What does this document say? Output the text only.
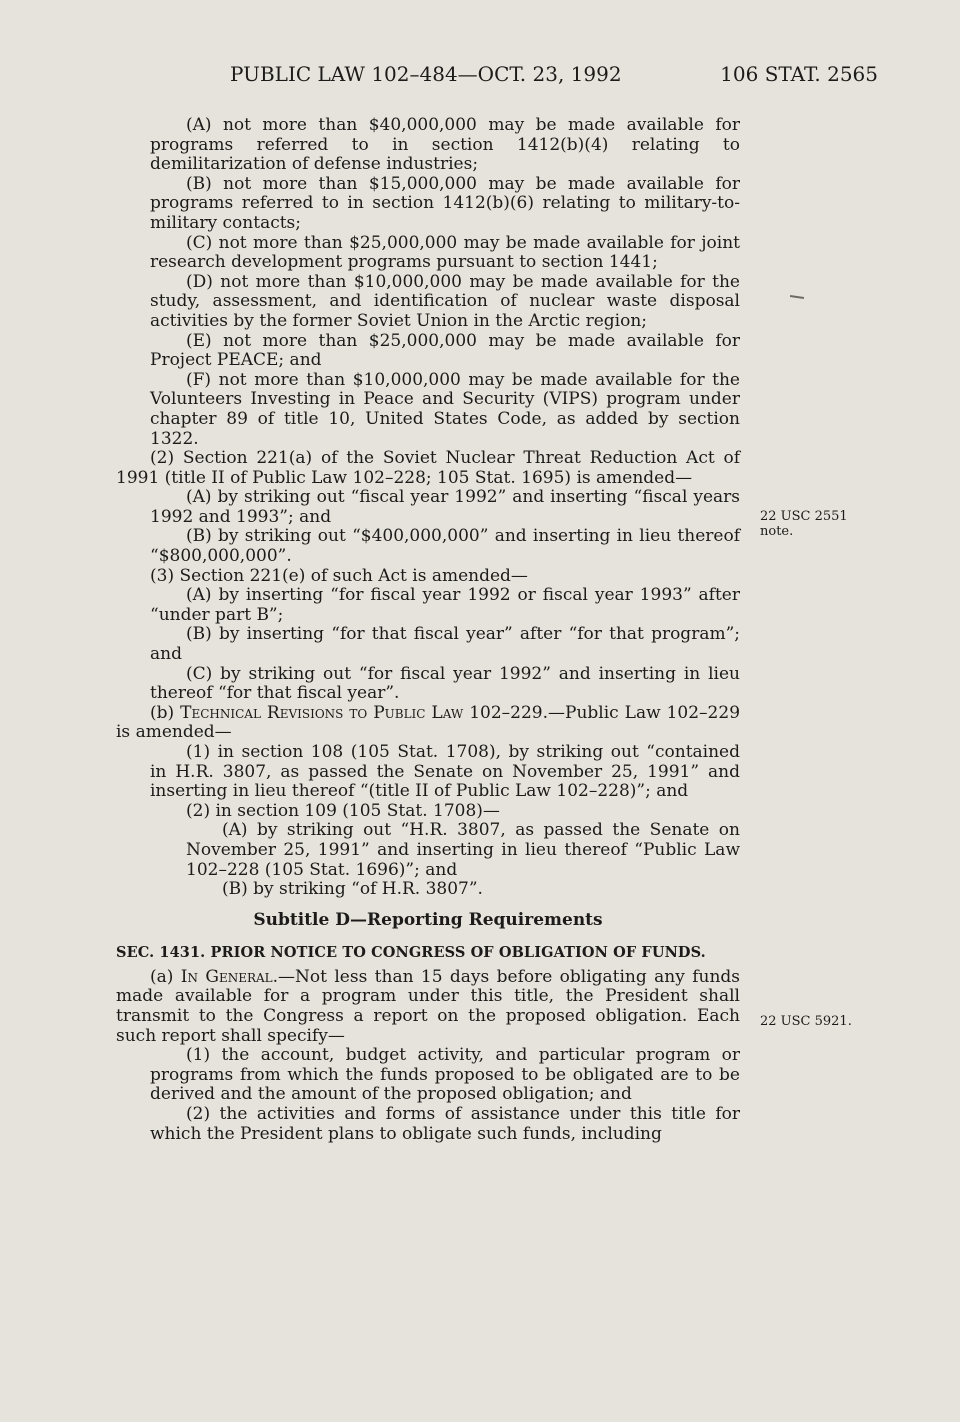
PUBLIC LAW 102–484—OCT. 23, 1992	106 STAT. 2565

(A) not more than $40,000,000 may be made available for programs referred to in section 1412(b)(4) relating to demilitarization of defense industries;

(B) not more than $15,000,000 may be made available for programs referred to in section 1412(b)(6) relating to military-to-military contacts;

(C) not more than $25,000,000 may be made available for joint research development programs pursuant to section 1441;

(D) not more than $10,000,000 may be made available for the study, assessment, and identification of nuclear waste disposal activities by the former Soviet Union in the Arctic region;

(E) not more than $25,000,000 may be made available for Project PEACE; and

(F) not more than $10,000,000 may be made available for the Volunteers Investing in Peace and Security (VIPS) program under chapter 89 of title 10, United States Code, as added by section 1322.

(2) Section 221(a) of the Soviet Nuclear Threat Reduction Act of 1991 (title II of Public Law 102–228; 105 Stat. 1695) is amended—

(A) by striking out “fiscal year 1992” and inserting “fiscal years 1992 and 1993”; and

(B) by striking out “$400,000,000” and inserting in lieu thereof “$800,000,000”.

(3) Section 221(e) of such Act is amended—

(A) by inserting “for fiscal year 1992 or fiscal year 1993” after “under part B”;

(B) by inserting “for that fiscal year” after “for that program”; and

(C) by striking out “for fiscal year 1992” and inserting in lieu thereof “for that fiscal year”.

(b) Technical Revisions to Public Law 102–229.—Public Law 102–229 is amended—

(1) in section 108 (105 Stat. 1708), by striking out “contained in H.R. 3807, as passed the Senate on November 25, 1991” and inserting in lieu thereof “(title II of Public Law 102–228)”; and

(2) in section 109 (105 Stat. 1708)—

(A) by striking out “H.R. 3807, as passed the Senate on November 25, 1991” and inserting in lieu thereof “Public Law 102–228 (105 Stat. 1696)”; and

(B) by striking “of H.R. 3807”.

Subtitle D—Reporting Requirements
SEC. 1431. PRIOR NOTICE TO CONGRESS OF OBLIGATION OF FUNDS.

(a) In General.—Not less than 15 days before obligating any funds made available for a program under this title, the President shall transmit to the Congress a report on the proposed obligation. Each such report shall specify—

(1) the account, budget activity, and particular program or programs from which the funds proposed to be obligated are to be derived and the amount of the proposed obligation; and

(2) the activities and forms of assistance under this title for which the President plans to obligate such funds, including

22 USC 2551
note.
22 USC 5921.
